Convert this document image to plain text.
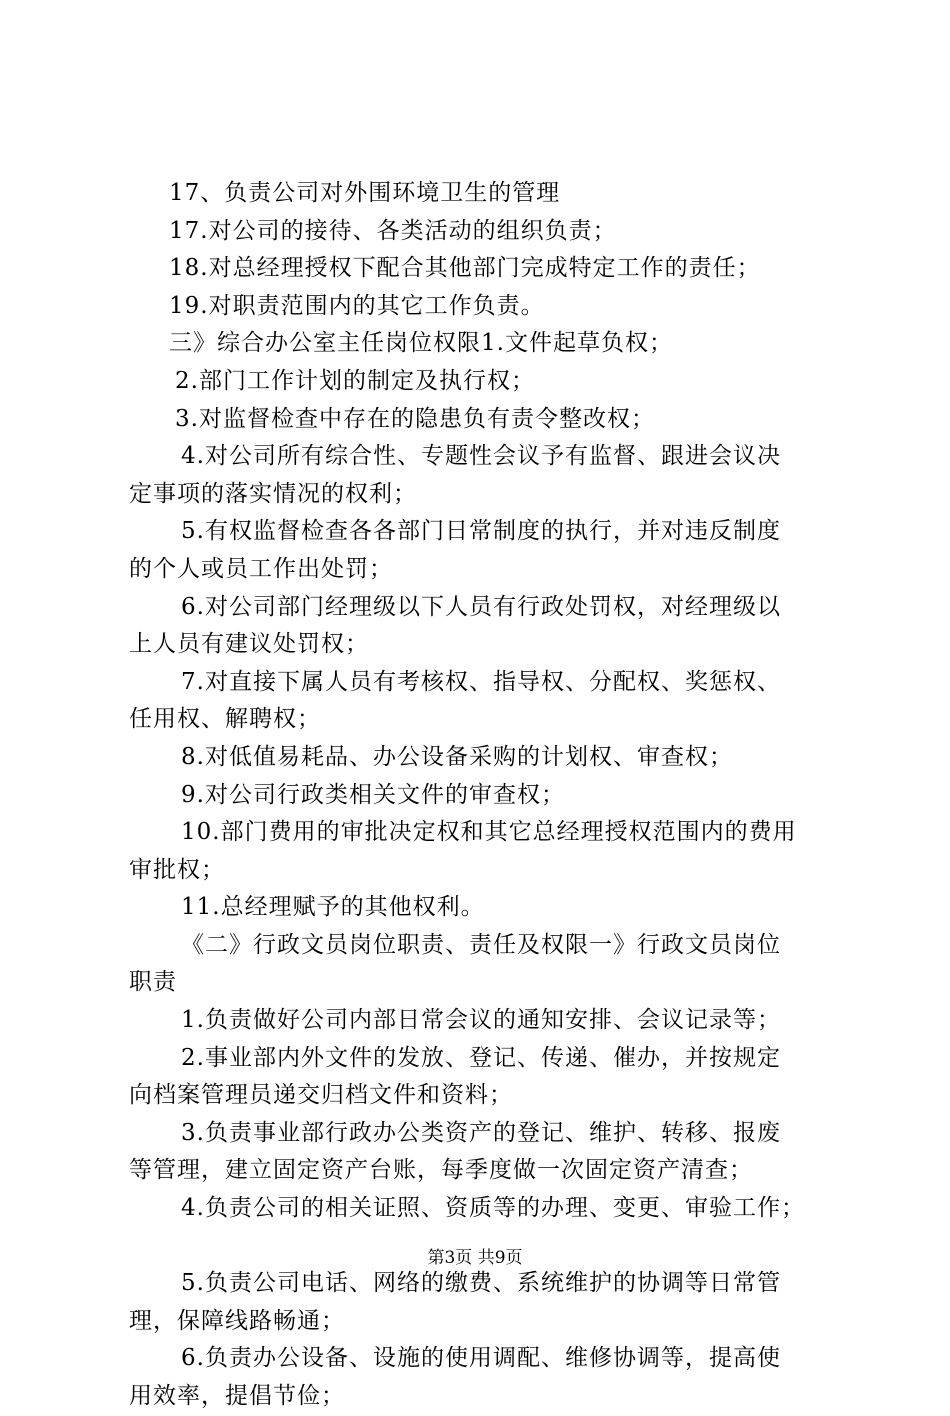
17、负责公司对外围环境卫生的管理
17.对公司的接待、各类活动的组织负责；
18.对总经理授权下配合其他部门完成特定工作的责任；
19.对职责范围内的其它工作负责。
三》综合办公室主任岗位权限1.文件起草负权；
2.部门工作计划的制定及执行权；
3.对监督检查中存在的隐患负有责令整改权；
4.对公司所有综合性、专题性会议予有监督、跟进会议决
定事项的落实情况的权利；
5.有权监督检查各各部门日常制度的执行，并对违反制度
的个人或员工作出处罚；
6.对公司部门经理级以下人员有行政处罚权，对经理级以
上人员有建议处罚权；
7.对直接下属人员有考核权、指导权、分配权、奖惩权、
任用权、解聘权；
8.对低值易耗品、办公设备采购的计划权、审查权；
9.对公司行政类相关文件的审查权；
10.部门费用的审批决定权和其它总经理授权范围内的费用
审批权；
11.总经理赋予的其他权利。
《二》行政文员岗位职责、责任及权限一》行政文员岗位
职责
1.负责做好公司内部日常会议的通知安排、会议记录等；
2.事业部内外文件的发放、登记、传递、催办，并按规定
向档案管理员递交归档文件和资料；
3.负责事业部行政办公类资产的登记、维护、转移、报废
等管理，建立固定资产台账，每季度做一次固定资产清查；
4.负责公司的相关证照、资质等的办理、变更、审验工作；
5.负责公司电话、网络的缴费、系统维护的协调等日常管
理，保障线路畅通；
6.负责办公设备、设施的使用调配、维修协调等，提高使
用效率，提倡节俭；
第3页 共9页
